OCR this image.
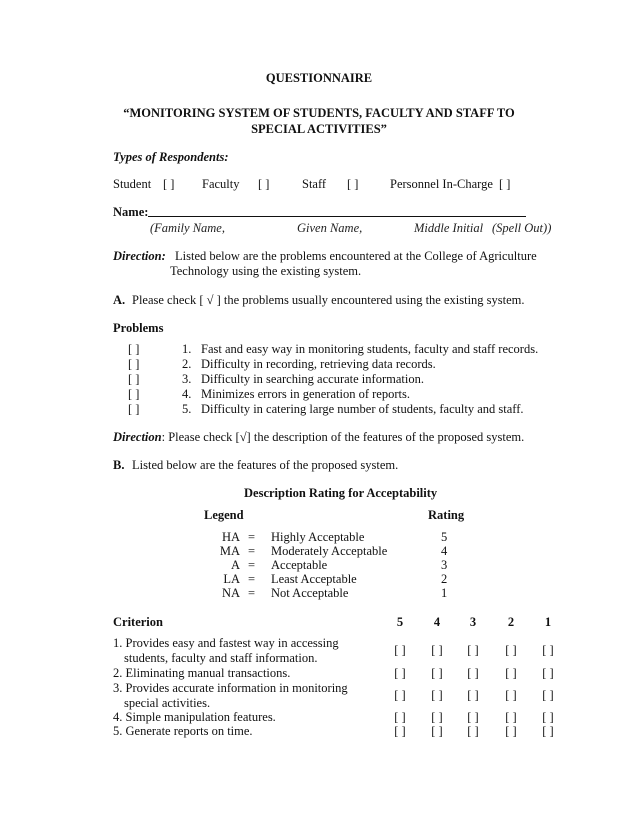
QUESTIONNAIRE
“MONITORING SYSTEM OF STUDENTS, FACULTY AND STAFF TO
SPECIAL ACTIVITIES”
Types of Respondents:
Student [ ] Faculty [ ]	Staff [ ]	Personnel In-Charge [ ]
Name:
(Family Name,	Given Name,	Middle Initial (Spell Out))
Direction: Listed below are the problems encountered at the College of Agriculture
Technology using the existing system.
A. Please check [ √ ] the problems usually encountered using the existing system.
Problems
[ ]	1. Fast and easy way in monitoring students, faculty and staff records.
[ ]	2. Difficulty in recording, retrieving data records.
[ ]	3. Difficulty in searching accurate information.
[ ]	4. Minimizes errors in generation of reports.
[ ]	5. Difficulty in catering large number of students, faculty and staff.
Direction: Please check [√] the description of the features of the proposed system.
B. Listed below are the features of the proposed system.
Description Rating for Acceptability
Legend	Rating
HA = Highly Acceptable	5
MA = Moderately Acceptable	4
A = Acceptable	3
LA = Least Acceptable	2
NA = Not Acceptable	1
Criterion	5	4	3	2	1
1. Provides easy and fastest way in accessing
students, faculty and staff information.
[ ]	[ ]	[ ]	[ ]	[ ]
2. Eliminating manual transactions.	[ ]	[ ]	[ ]	[ ]	[ ]
3. Provides accurate information in monitoring
special activities.
[ ]	[ ]	[ ]	[ ]	[ ]
4. Simple manipulation features.	[ ]	[ ]	[ ]	[ ]	[ ]
5. Generate reports on time.	[ ]	[ ]	[ ]	[ ]	[ ]
